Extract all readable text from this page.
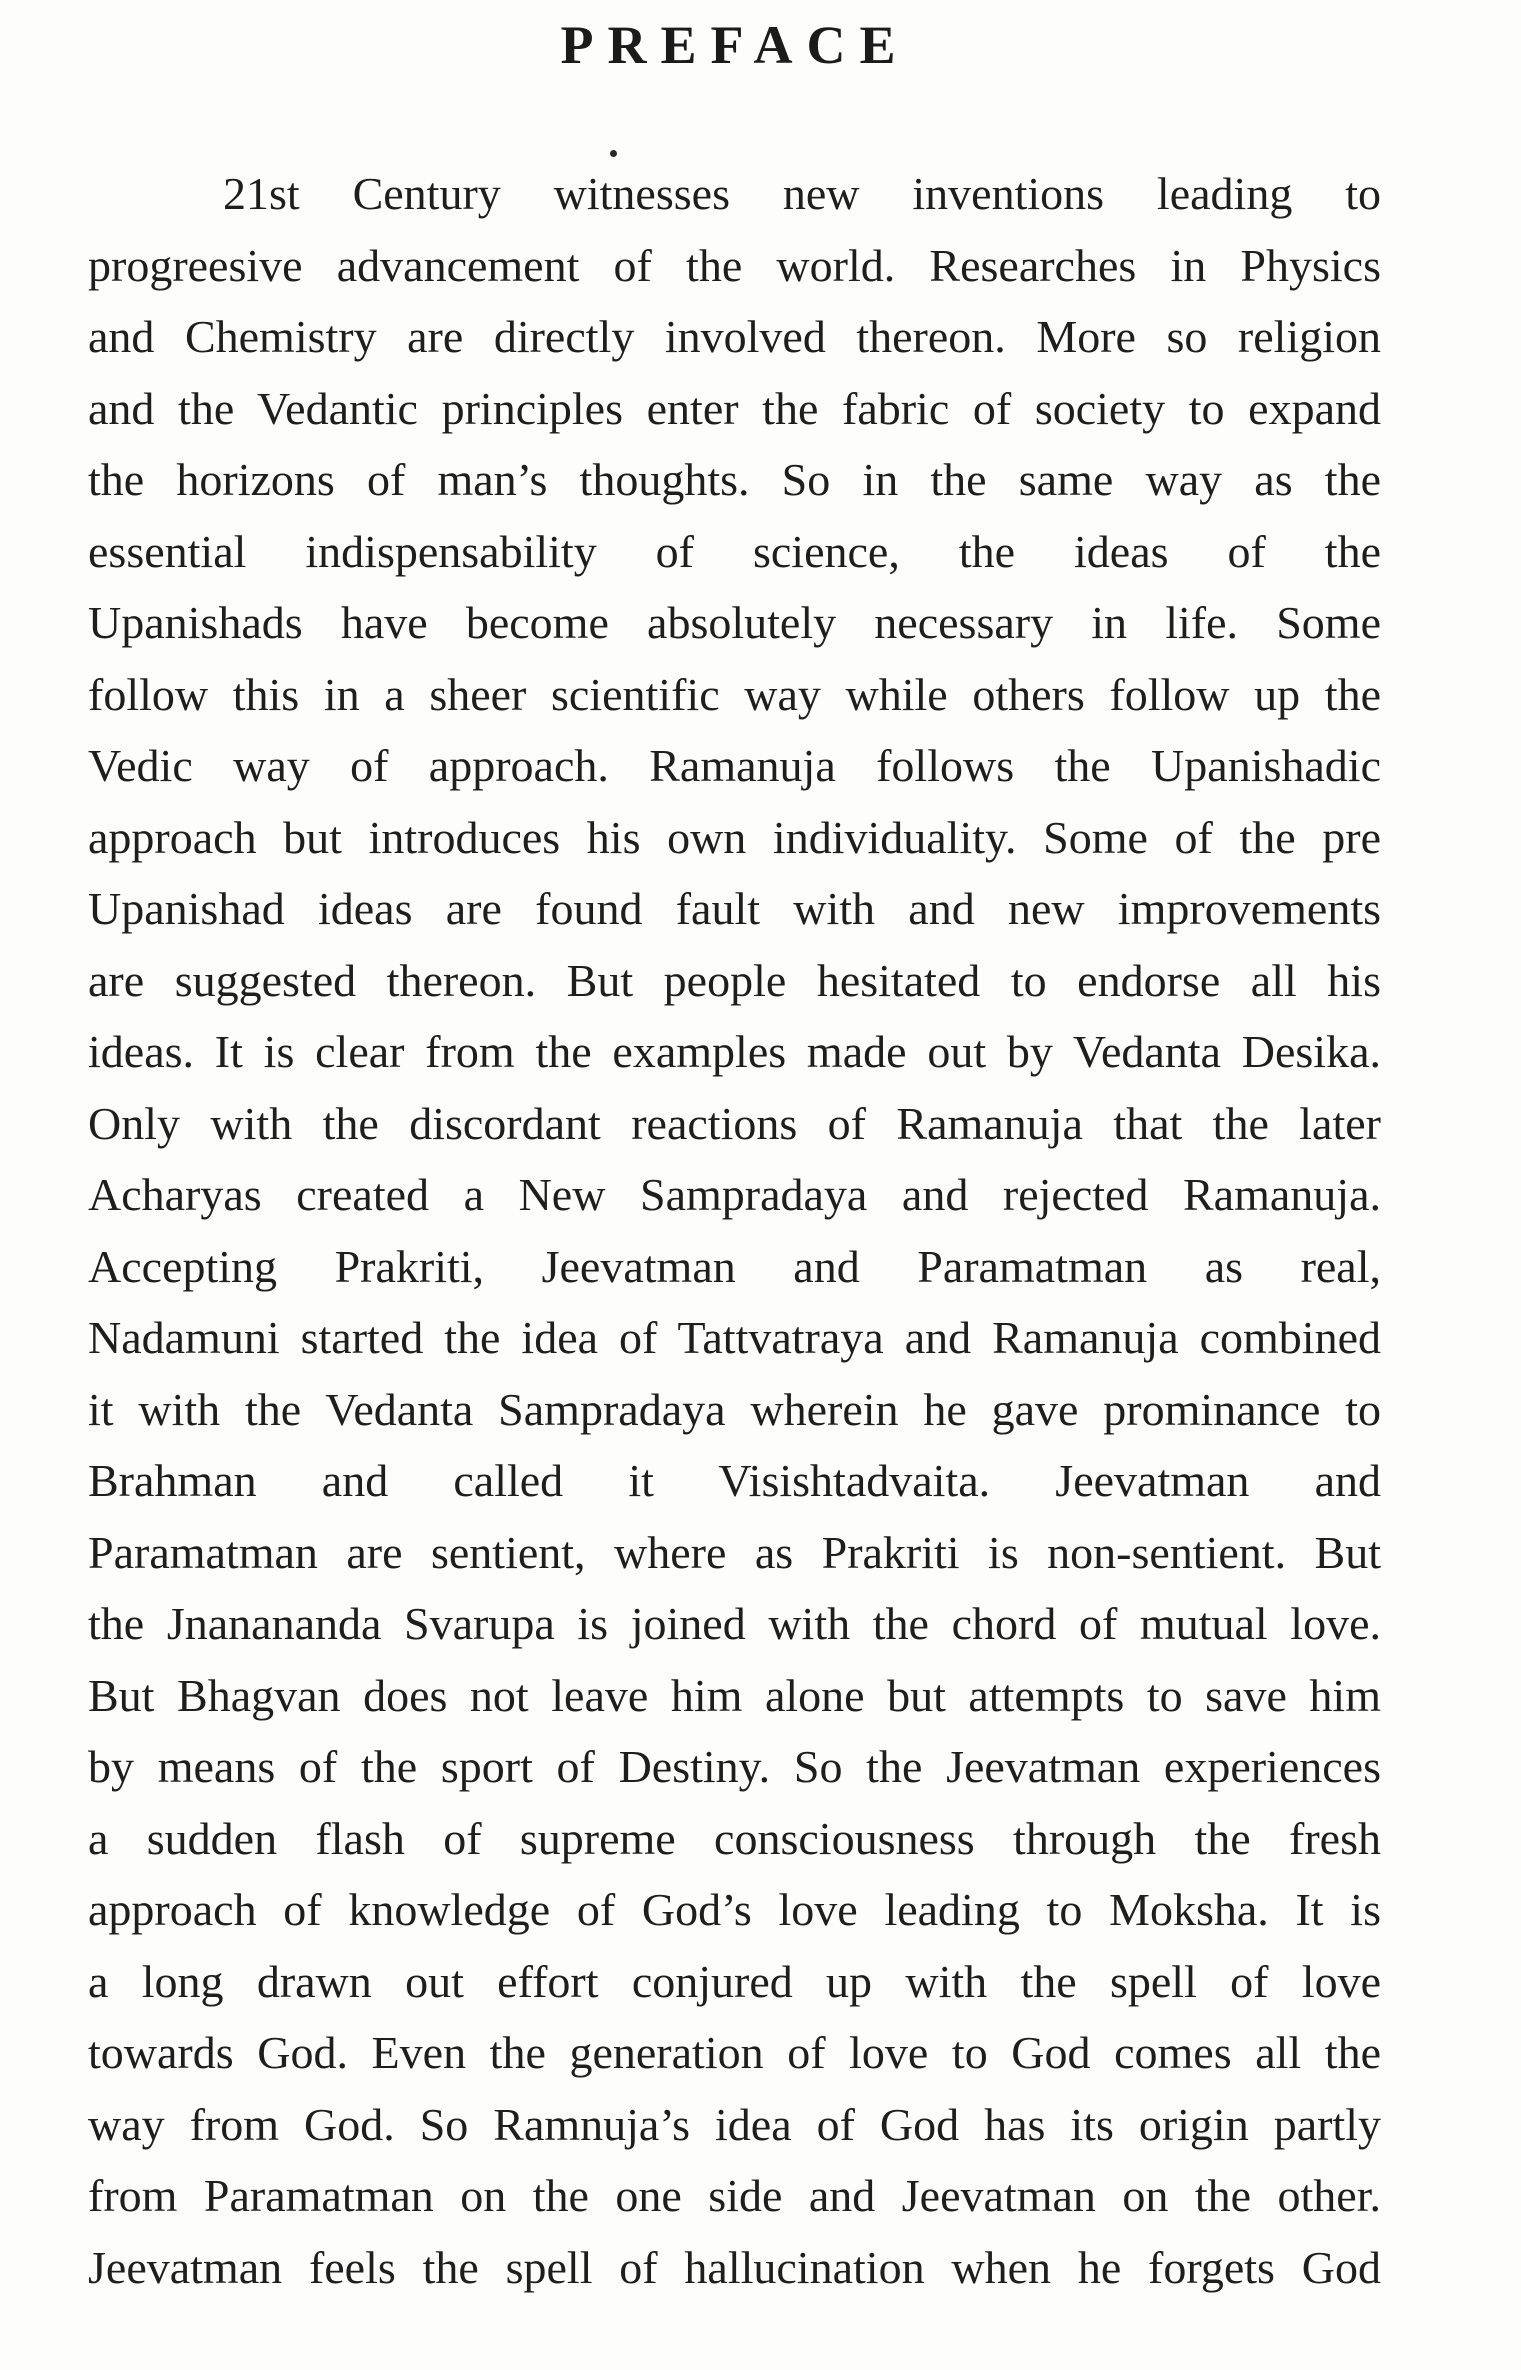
PREFACE
21st Century witnesses new inventions leading to
progreesive advancement of the world. Researches in Physics
and Chemistry are directly involved thereon. More so religion
and the Vedantic principles enter the fabric of society to expand
the horizons of man’s thoughts. So in the same way as the
essential indispensability of science, the ideas of the
Upanishads have become absolutely necessary in life. Some
follow this in a sheer scientific way while others follow up the
Vedic way of approach. Ramanuja follows the Upanishadic
approach but introduces his own individuality. Some of the pre
Upanishad ideas are found fault with and new improvements
are suggested thereon. But people hesitated to endorse all his
ideas. It is clear from the examples made out by Vedanta Desika.
Only with the discordant reactions of Ramanuja that the later
Acharyas created a New Sampradaya and rejected Ramanuja.
Accepting Prakriti, Jeevatman and Paramatman as real,
Nadamuni started the idea of Tattvatraya and Ramanuja combined
it with the Vedanta Sampradaya wherein he gave prominance to
Brahman and called it Visishtadvaita. Jeevatman and
Paramatman are sentient, where as Prakriti is non-sentient. But
the Jnanananda Svarupa is joined with the chord of mutual love.
But Bhagvan does not leave him alone but attempts to save him
by means of the sport of Destiny. So the Jeevatman experiences
a sudden flash of supreme consciousness through the fresh
approach of knowledge of God’s love leading to Moksha. It is
a long drawn out effort conjured up with the spell of love
towards God. Even the generation of love to God comes all the
way from God. So Ramnuja’s idea of God has its origin partly
from Paramatman on the one side and Jeevatman on the other.
Jeevatman feels the spell of hallucination when he forgets God
